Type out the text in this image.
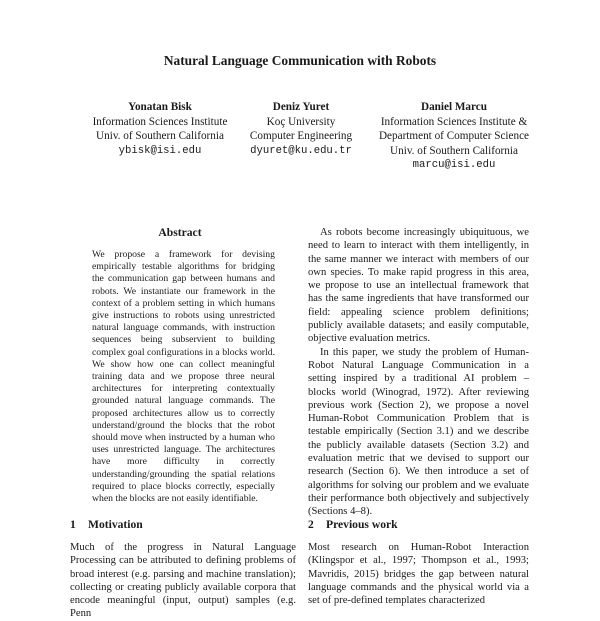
Natural Language Communication with Robots
Yonatan Bisk
Information Sciences Institute
Univ. of Southern California
ybisk@isi.edu
Deniz Yuret
Koç University
Computer Engineering
dyuret@ku.edu.tr
Daniel Marcu
Information Sciences Institute &
Department of Computer Science
Univ. of Southern California
marcu@isi.edu
Abstract
We propose a framework for devising empirically testable algorithms for bridging the communication gap between humans and robots. We instantiate our framework in the context of a problem setting in which humans give instructions to robots using unrestricted natural language commands, with instruction sequences being subservient to building complex goal configurations in a blocks world. We show how one can collect meaningful training data and we propose three neural architectures for interpreting contextually grounded natural language commands. The proposed architectures allow us to correctly understand/ground the blocks that the robot should move when instructed by a human who uses unrestricted language. The architectures have more difficulty in correctly understanding/grounding the spatial relations required to place blocks correctly, especially when the blocks are not easily identifiable.

As robots become increasingly ubiquituous, we need to learn to interact with them intelligently, in the same manner we interact with members of our own species. To make rapid progress in this area, we propose to use an intellectual framework that has the same ingredients that have transformed our field: appealing science problem definitions; publicly available datasets; and easily computable, objective evaluation metrics.

In this paper, we study the problem of Human-Robot Natural Language Communication in a setting inspired by a traditional AI problem – blocks world (Winograd, 1972). After reviewing previous work (Section 2), we propose a novel Human-Robot Communication Problem that is testable empirically (Section 3.1) and we describe the publicly available datasets (Section 3.2) and evaluation metric that we devised to support our research (Section 6). We then introduce a set of algorithms for solving our problem and we evaluate their performance both objectively and subjectively (Sections 4–8).

1 Motivation

Much of the progress in Natural Language Processing can be attributed to defining problems of broad interest (e.g. parsing and machine translation); collecting or creating publicly available corpora that encode meaningful (input, output) samples (e.g. Penn

2 Previous work

Most research on Human-Robot Interaction (Klingspor et al., 1997; Thompson et al., 1993; Mavridis, 2015) bridges the gap between natural language commands and the physical world via a set of pre-defined templates characterized
